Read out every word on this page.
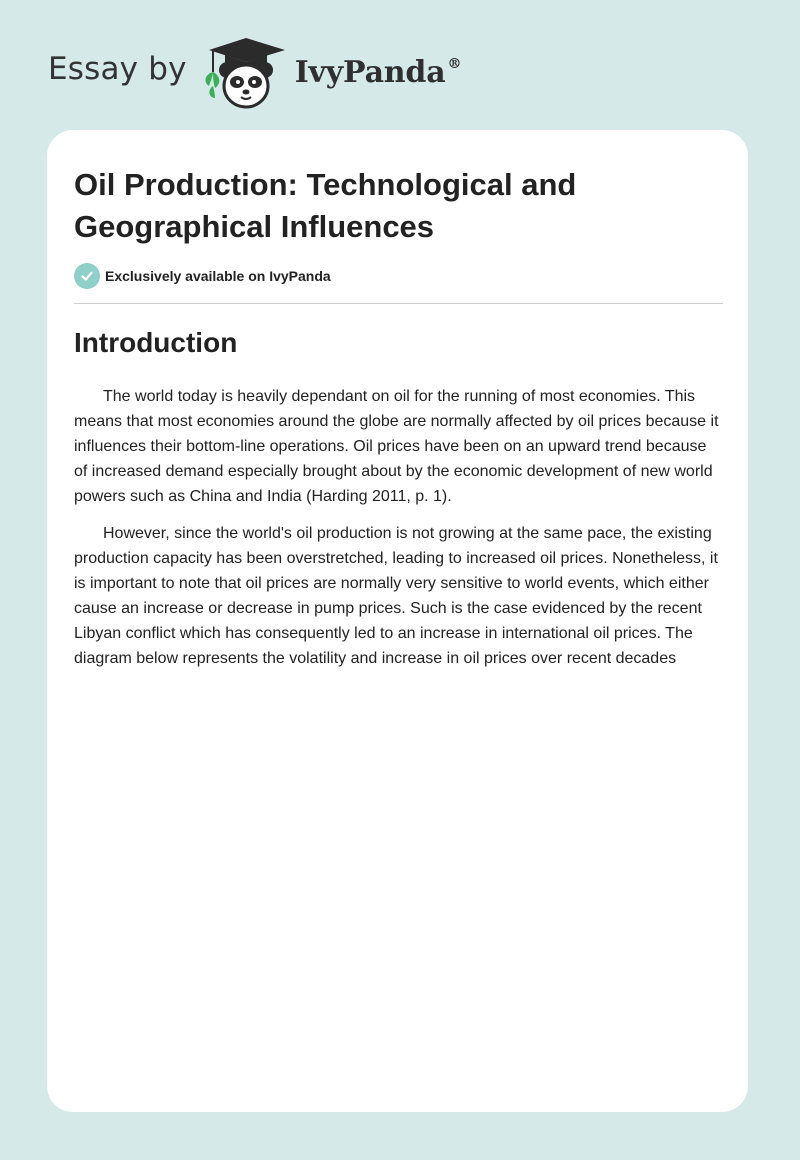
Essay by	IvyPanda ®
Oil Production: Technological and Geographical Influences
Exclusively available on IvyPanda
Introduction

The world today is heavily dependant on oil for the running of most economies. This means that most economies around the globe are normally affected by oil prices because it influences their bottom-line operations. Oil prices have been on an upward trend because of increased demand especially brought about by the economic development of new world powers such as China and India (Harding 2011, p. 1).

However, since the world's oil production is not growing at the same pace, the existing production capacity has been overstretched, leading to increased oil prices. Nonetheless, it is important to note that oil prices are normally very sensitive to world events, which either cause an increase or decrease in pump prices. Such is the case evidenced by the recent Libyan conflict which has consequently led to an increase in international oil prices. The diagram below represents the volatility and increase in oil prices over recent decades
